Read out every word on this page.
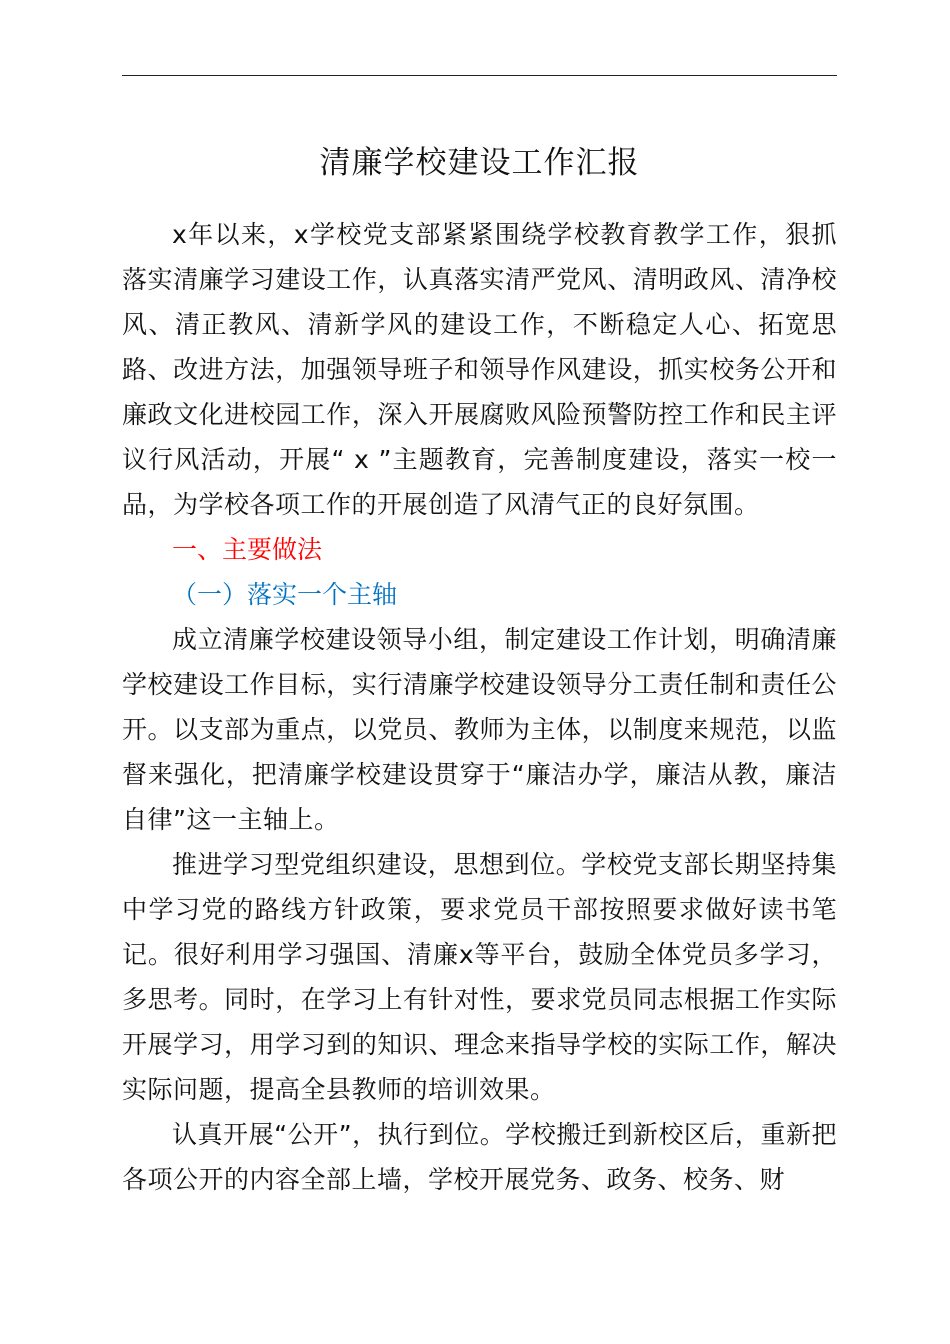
清廉学校建设工作汇报

x年以来，x学校党支部紧紧围绕学校教育教学工作，狠抓落实清廉学习建设工作，认真落实清严党风、清明政风、清净校风、清正教风、清新学风的建设工作，不断稳定人心、拓宽思路、改进方法，加强领导班子和领导作风建设，抓实校务公开和廉政文化进校园工作，深入开展腐败风险预警防控工作和民主评议行风活动，开展“ x ”主题教育，完善制度建设，落实一校一品，为学校各项工作的开展创造了风清气正的良好氛围。

一、主要做法

（一）落实一个主轴

成立清廉学校建设领导小组，制定建设工作计划，明确清廉学校建设工作目标，实行清廉学校建设领导分工责任制和责任公开。以支部为重点，以党员、教师为主体，以制度来规范，以监督来强化，把清廉学校建设贯穿于“廉洁办学，廉洁从教，廉洁自律”这一主轴上。

推进学习型党组织建设，思想到位。学校党支部长期坚持集中学习党的路线方针政策，要求党员干部按照要求做好读书笔记。很好利用学习强国、清廉x等平台，鼓励全体党员多学习，多思考。同时，在学习上有针对性，要求党员同志根据工作实际开展学习，用学习到的知识、理念来指导学校的实际工作，解决实际问题，提高全县教师的培训效果。

认真开展“公开”，执行到位。学校搬迁到新校区后，重新把各项公开的内容全部上墙，学校开展党务、政务、校务、财
